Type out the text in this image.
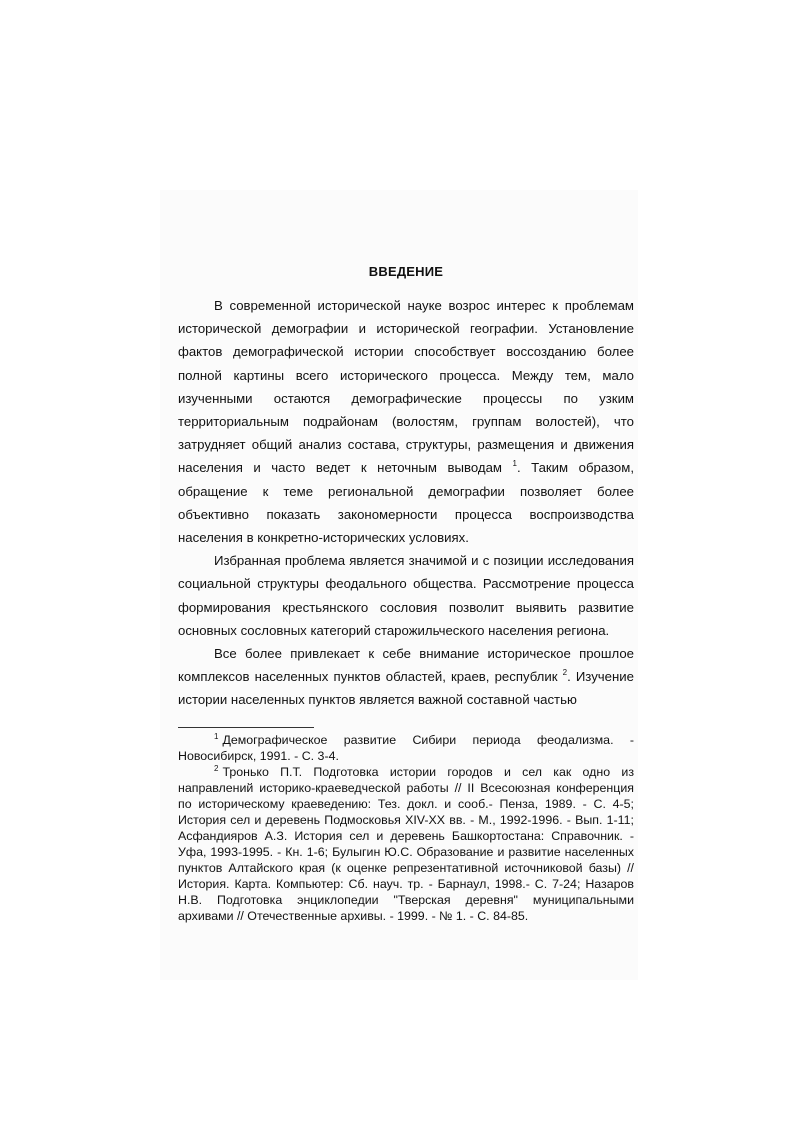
ВВЕДЕНИЕ

В современной исторической науке возрос интерес к проблемам исторической демографии и исторической географии. Установление фактов демографической истории способствует воссозданию более полной картины всего исторического процесса. Между тем, мало изученными остаются демографические процессы по узким территориальным подрайонам (волостям, группам волостей), что затрудняет общий анализ состава, структуры, размещения и движения населения и часто ведет к неточным выводам $^1$. Таким образом, обращение к теме региональной демографии позволяет более объективно показать закономерности процесса воспроизводства населения в конкретно-исторических условиях.

Избранная проблема является значимой и с позиции исследования социальной структуры феодального общества. Рассмотрение процесса формирования крестьянского сословия позволит выявить развитие основных сословных категорий старожильческого населения региона.

Все более привлекает к себе внимание историческое прошлое комплексов населенных пунктов областей, краев, республик $^2$. Изучение истории населенных пунктов является важной составной частью

$^1$ Демографическое развитие Сибири периода феодализма. - Новосибирск, 1991. - С. 3-4.

$^2$ Тронько П.Т. Подготовка истории городов и сел как одно из направлений историко-краеведческой работы // II Всесоюзная конференция по историческому краеведению: Тез. докл. и сооб.- Пенза, 1989. - С. 4-5; История сел и деревень Подмосковья XIV-XX вв. - М., 1992-1996. - Вып. 1-11; Асфандияров А.З. История сел и деревень Башкортостана: Справочник. - Уфа, 1993-1995. - Кн. 1-6; Булыгин Ю.С. Образование и развитие населенных пунктов Алтайского края (к оценке репрезентативной источниковой базы) // История. Карта. Компьютер: Сб. науч. тр. - Барнаул, 1998.- С. 7-24; Назаров Н.В. Подготовка энциклопедии "Тверская деревня" муниципальными архивами // Отечественные архивы. - 1999. - № 1. - С. 84-85.
